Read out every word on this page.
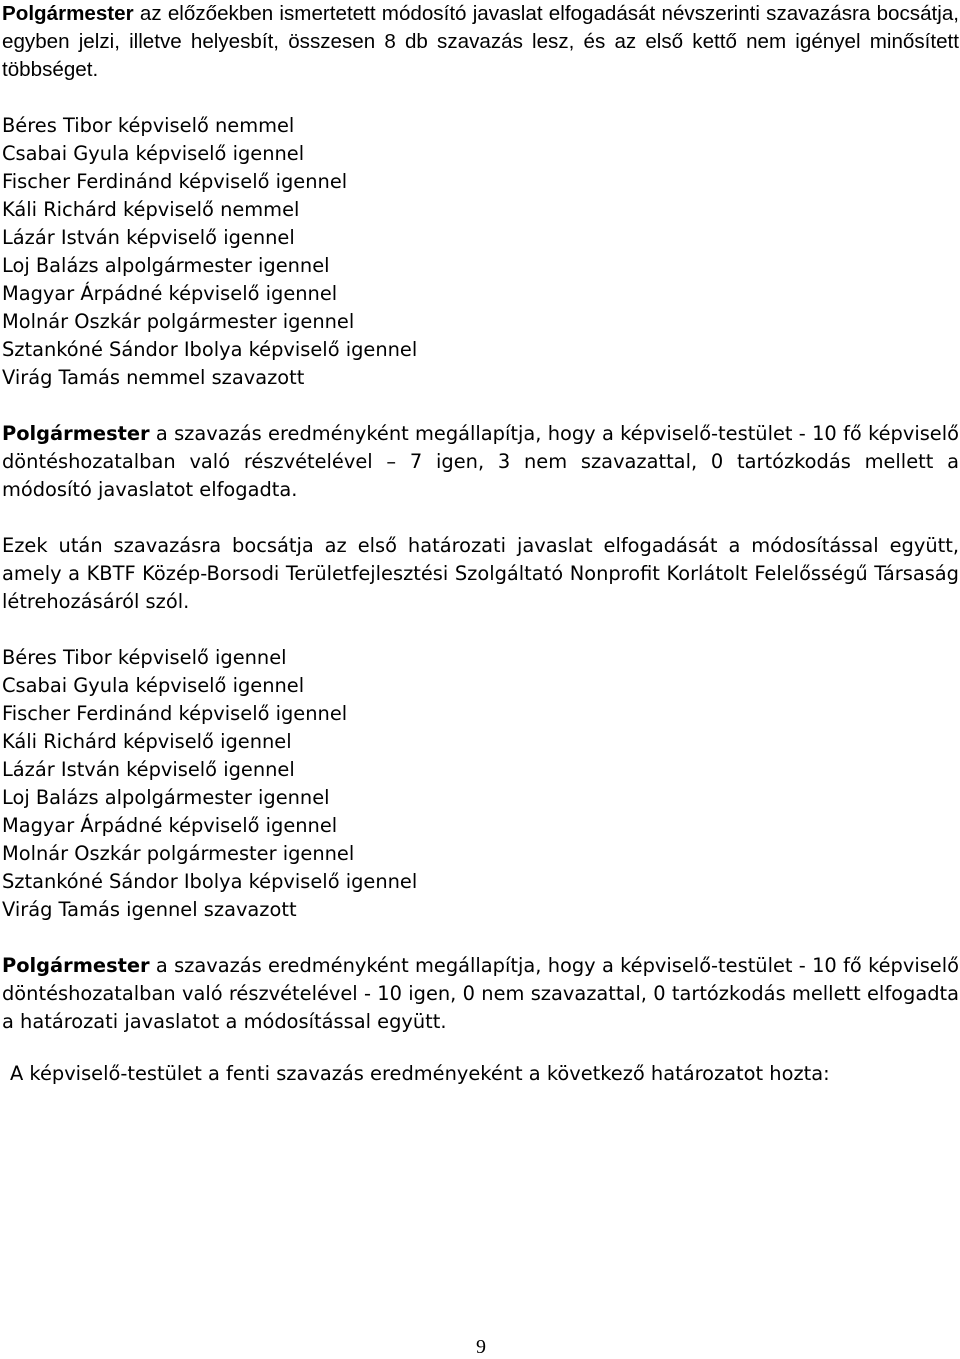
Polgármester az előzőekben ismertetett módosító javaslat elfogadását névszerinti szavazásra bocsátja, egyben jelzi, illetve helyesbít, összesen 8 db szavazás lesz, és az első kettő nem igényel minősített többséget.

Béres Tibor képviselő nemmel
Csabai Gyula képviselő igennel
Fischer Ferdinánd képviselő igennel
Káli Richárd képviselő nemmel
Lázár István képviselő igennel
Loj Balázs alpolgármester igennel
Magyar Árpádné képviselő igennel
Molnár Oszkár polgármester igennel
Sztankóné Sándor Ibolya képviselő igennel
Virág Tamás nemmel szavazott

Polgármester a szavazás eredményként megállapítja, hogy a képviselő-testület - 10 fő képviselő döntéshozatalban való részvételével – 7 igen, 3 nem szavazattal, 0 tartózkodás mellett a módosító javaslatot elfogadta.

Ezek után szavazásra bocsátja az első határozati javaslat elfogadását a módosítással együtt, amely a KBTF Közép-Borsodi Területfejlesztési Szolgáltató Nonprofit Korlátolt Felelősségű Társaság létrehozásáról szól.

Béres Tibor képviselő igennel
Csabai Gyula képviselő igennel
Fischer Ferdinánd képviselő igennel
Káli Richárd képviselő igennel
Lázár István képviselő igennel
Loj Balázs alpolgármester igennel
Magyar Árpádné képviselő igennel
Molnár Oszkár polgármester igennel
Sztankóné Sándor Ibolya képviselő igennel
Virág Tamás igennel szavazott

Polgármester a szavazás eredményként megállapítja, hogy a képviselő-testület - 10 fő képviselő döntéshozatalban való részvételével - 10 igen, 0 nem szavazattal, 0 tartózkodás mellett elfogadta a határozati javaslatot a módosítással együtt.

A képviselő-testület a fenti szavazás eredményeként a következő határozatot hozta:

9
